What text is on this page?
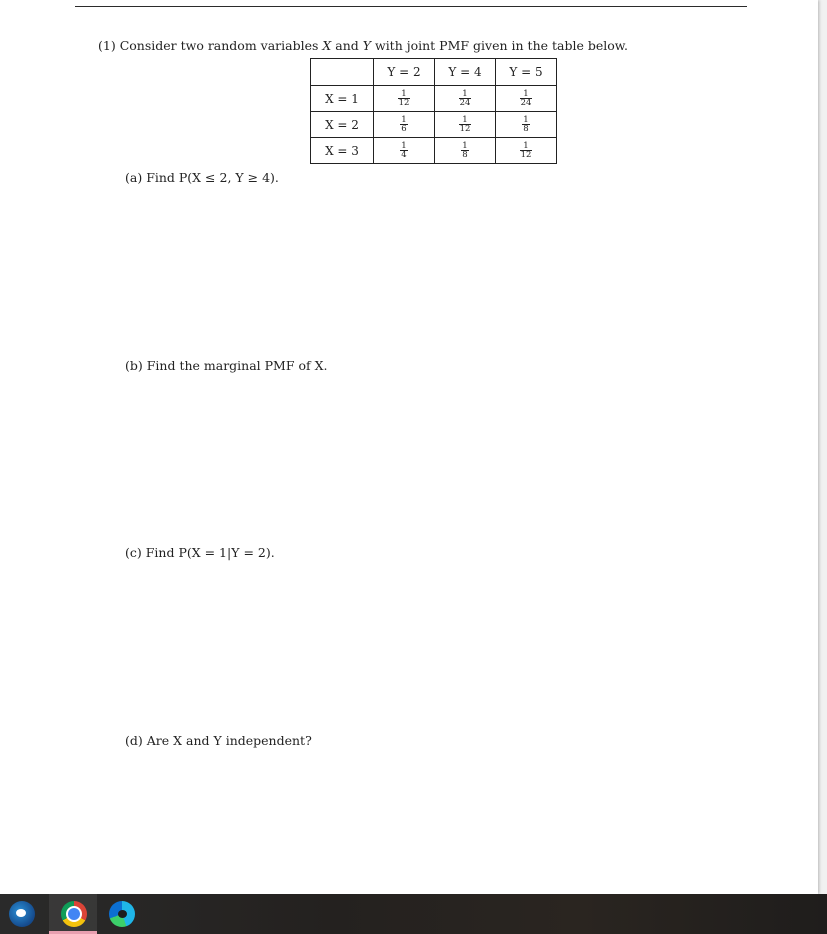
(1) Consider two random variables X and Y with joint PMF given in the table below.
	Y = 2	Y = 4	Y = 5
X = 1	$\frac{1}{12}$	$\frac{1}{24}$	$\frac{1}{24}$

X = 2	$\frac{1}{6}$	$\frac{1}{12}$	$\frac{1}{8}$

X = 3	$\frac{1}{4}$	$\frac{1}{8}$	$\frac{1}{12}$
(a) Find P(X ≤ 2, Y ≥ 4).
(b) Find the marginal PMF of X.
(c) Find P(X = 1|Y = 2).
(d) Are X and Y independent?
